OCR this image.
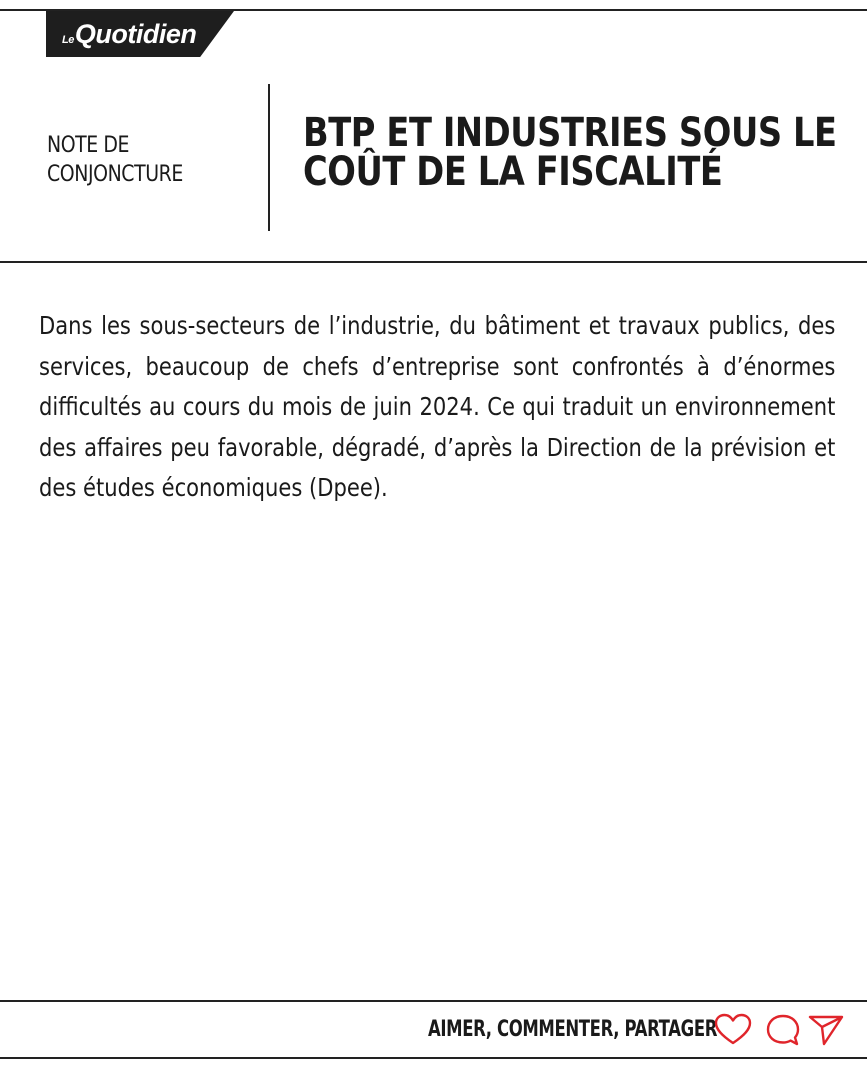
LeQuotidien
NOTE DE
CONJONCTURE
BTP ET INDUSTRIES SOUS LE COÛT DE LA FISCALITÉ

Dans les sous-secteurs de l’industrie, du bâtiment et travaux publics, des services, beaucoup de chefs d’entreprise sont confrontés à d’énormes difficultés au cours du mois de juin 2024. Ce qui traduit un environnement des affaires peu favorable, dégradé, d’après la Direction de la prévision et des études économiques (Dpee).

AIMER, COMMENTER, PARTAGER
